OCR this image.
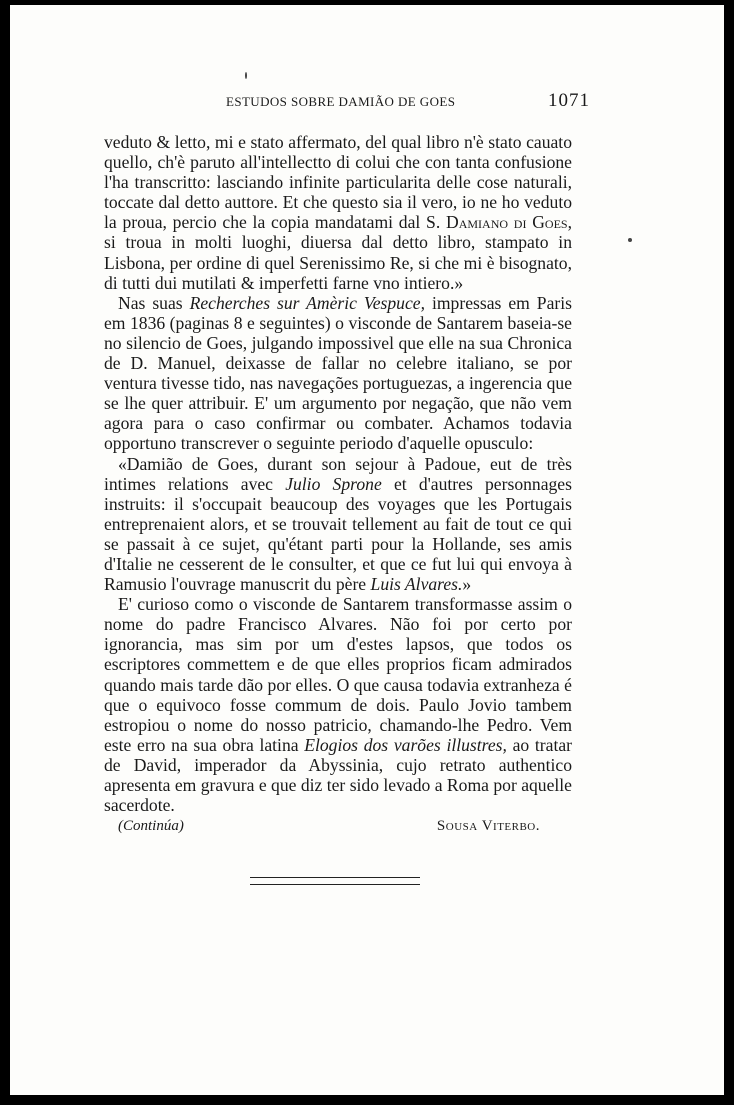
ESTUDOS SOBRE DAMIÃO DE GOES	1071

veduto & letto, mi e stato affermato, del qual libro n'è stato cauato quello, ch'è paruto all'intellectto di colui che con tanta confusione l'ha transcritto: lasciando infinite particularita delle cose naturali, toccate dal detto auttore. Et che questo sia il vero, io ne ho veduto la proua, percio che la copia mandatami dal S. Damiano di Goes, si troua in molti luoghi, diuersa dal detto libro, stampato in Lisbona, per ordine di quel Serenissimo Re, si che mi è bisognato, di tutti dui mutilati & imperfetti farne vno intiero.»

Nas suas Recherches sur Amèric Vespuce, impressas em Paris em 1836 (paginas 8 e seguintes) o visconde de Santarem baseia-se no silencio de Goes, julgando impossivel que elle na sua Chronica de D. Manuel, deixasse de fallar no celebre italiano, se por ventura tivesse tido, nas navegações portuguezas, a ingerencia que se lhe quer attribuir. E' um argumento por negação, que não vem agora para o caso confirmar ou combater. Achamos todavia opportuno transcrever o seguinte periodo d'aquelle opusculo:

«Damião de Goes, durant son sejour à Padoue, eut de très intimes relations avec Julio Sprone et d'autres personnages instruits: il s'occupait beaucoup des voyages que les Portugais entreprenaient alors, et se trouvait tellement au fait de tout ce qui se passait à ce sujet, qu'étant parti pour la Hollande, ses amis d'Italie ne cesserent de le consulter, et que ce fut lui qui envoya à Ramusio l'ouvrage manuscrit du père Luis Alvares.»

E' curioso como o visconde de Santarem transformasse assim o nome do padre Francisco Alvares. Não foi por certo por ignorancia, mas sim por um d'estes lapsos, que todos os escriptores commettem e de que elles proprios ficam admirados quando mais tarde dão por elles. O que causa todavia extranheza é que o equivoco fosse commum de dois. Paulo Jovio tambem estropiou o nome do nosso patricio, chamando-lhe Pedro. Vem este erro na sua obra latina Elogios dos varões illustres, ao tratar de David, imperador da Abyssinia, cujo retrato authentico apresenta em gravura e que diz ter sido levado a Roma por aquelle sacerdote.

(Continúa)	Sousa Viterbo.
